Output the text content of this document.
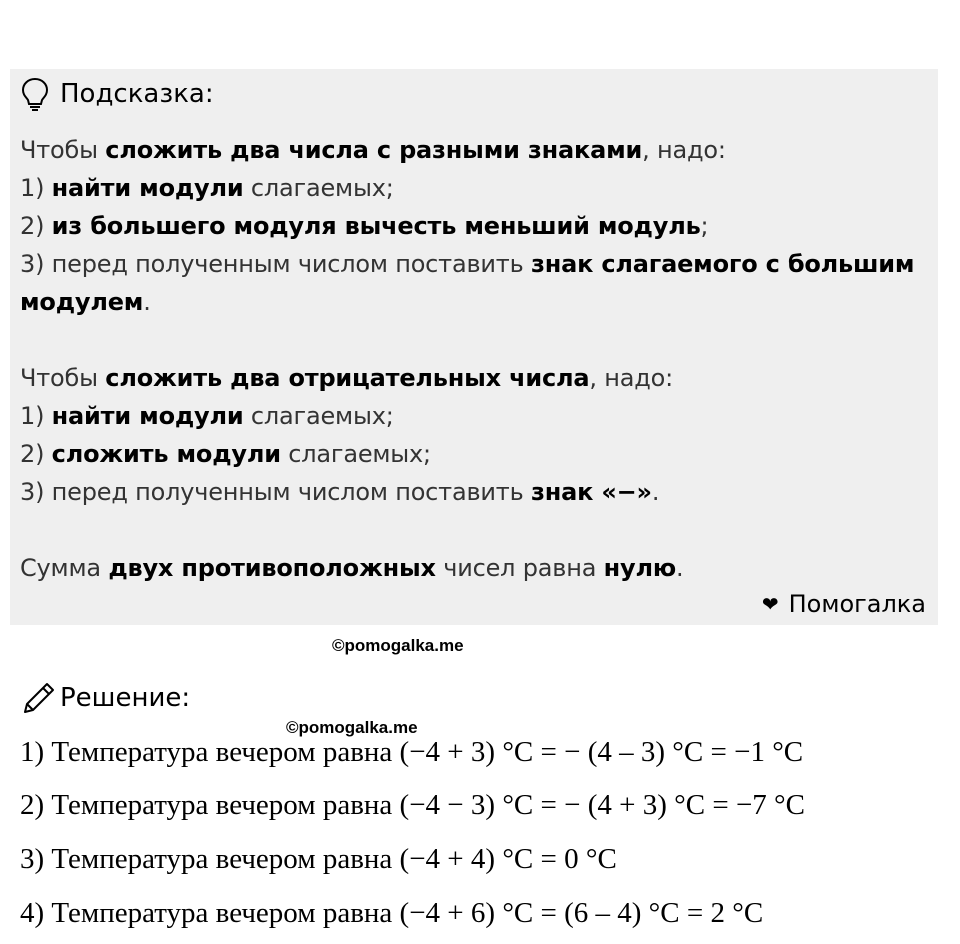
Подсказка:
Чтобы сложить два числа с разными знаками, надо:
1) найти модули слагаемых;
2) из большего модуля вычесть меньший модуль;
3) перед полученным числом поставить знак слагаемого с большим
модулем.
Чтобы сложить два отрицательных числа, надо:
1) найти модули слагаемых;
2) сложить модули слагаемых;
3) перед полученным числом поставить знак «−».
Сумма двух противоположных чисел равна нулю.
❤ Помогалка
©pomogalka.me
Решение:
©pomogalka.me
1) Температура вечером равна (−4 + 3) °С = − (4 – 3) °С = −1 °С
2) Температура вечером равна (−4 − 3) °С = − (4 + 3) °С = −7 °С
3) Температура вечером равна (−4 + 4) °С = 0 °С
4) Температура вечером равна (−4 + 6) °С = (6 – 4) °С = 2 °С
